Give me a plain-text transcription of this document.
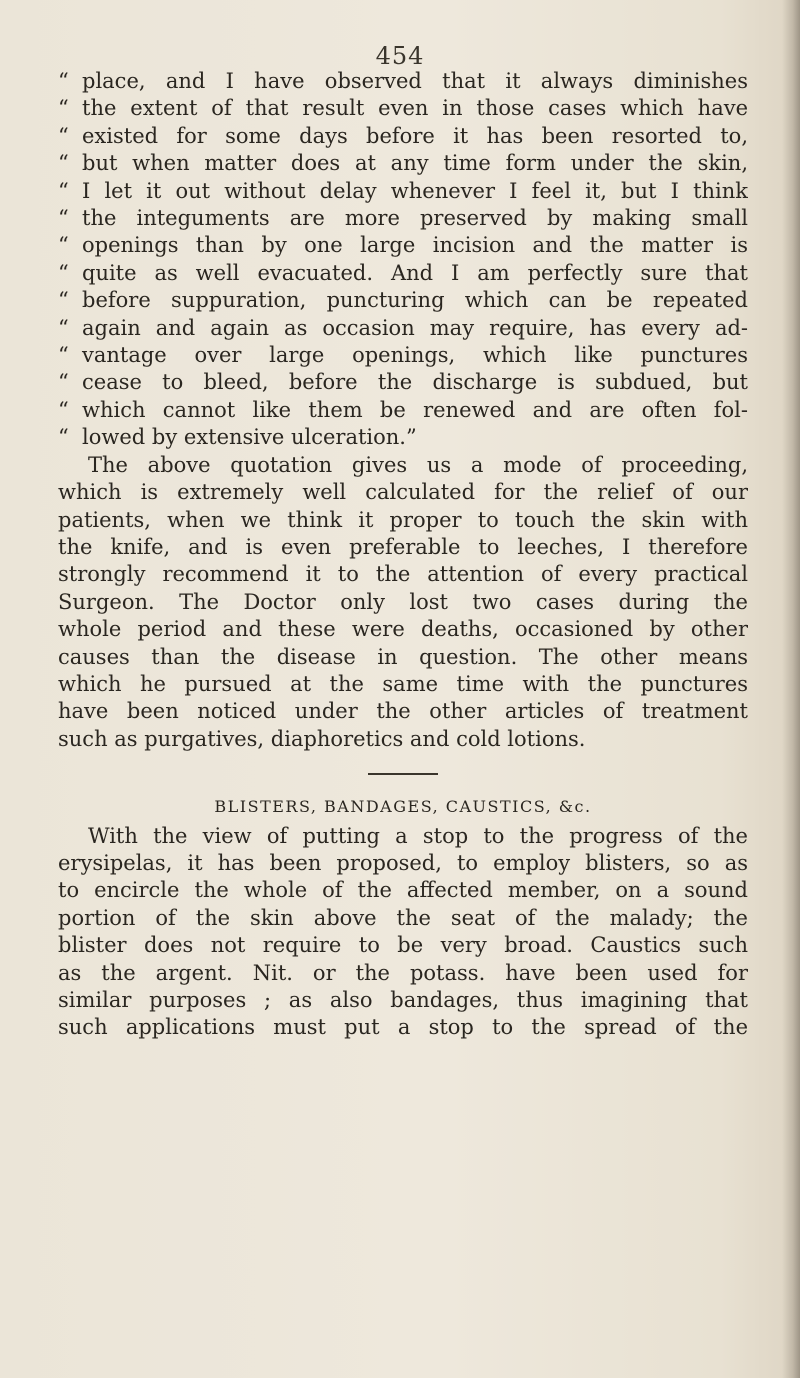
454
“ place, and I have observed that it always diminishes
“ the extent of that result even in those cases which have
“ existed for some days before it has been resorted to,
“ but when matter does at any time form under the skin,
“ I let it out without delay whenever I feel it, but I think
“ the integuments are more preserved by making small
“ openings than by one large incision and the matter is
“ quite as well evacuated. And I am perfectly sure that
“ before suppuration, puncturing which can be repeated
“ again and again as occasion may require, has every ad-
“ vantage over large openings, which like punctures
“ cease to bleed, before the discharge is subdued, but
“ which cannot like them be renewed and are often fol-
“ lowed by extensive ulceration.”
The above quotation gives us a mode of proceeding,
which is extremely well calculated for the relief of our
patients, when we think it proper to touch the skin with
the knife, and is even preferable to leeches, I therefore
strongly recommend it to the attention of every practical
Surgeon. The Doctor only lost two cases during the
whole period and these were deaths, occasioned by other
causes than the disease in question. The other means
which he pursued at the same time with the punctures
have been noticed under the other articles of treatment
such as purgatives, diaphoretics and cold lotions.
BLISTERS, BANDAGES, CAUSTICS, &c.
With the view of putting a stop to the progress of the
erysipelas, it has been proposed, to employ blisters, so as
to encircle the whole of the affected member, on a sound
portion of the skin above the seat of the malady; the
blister does not require to be very broad. Caustics such
as the argent. Nit. or the potass. have been used for
similar purposes ; as also bandages, thus imagining that
such applications must put a stop to the spread of the
